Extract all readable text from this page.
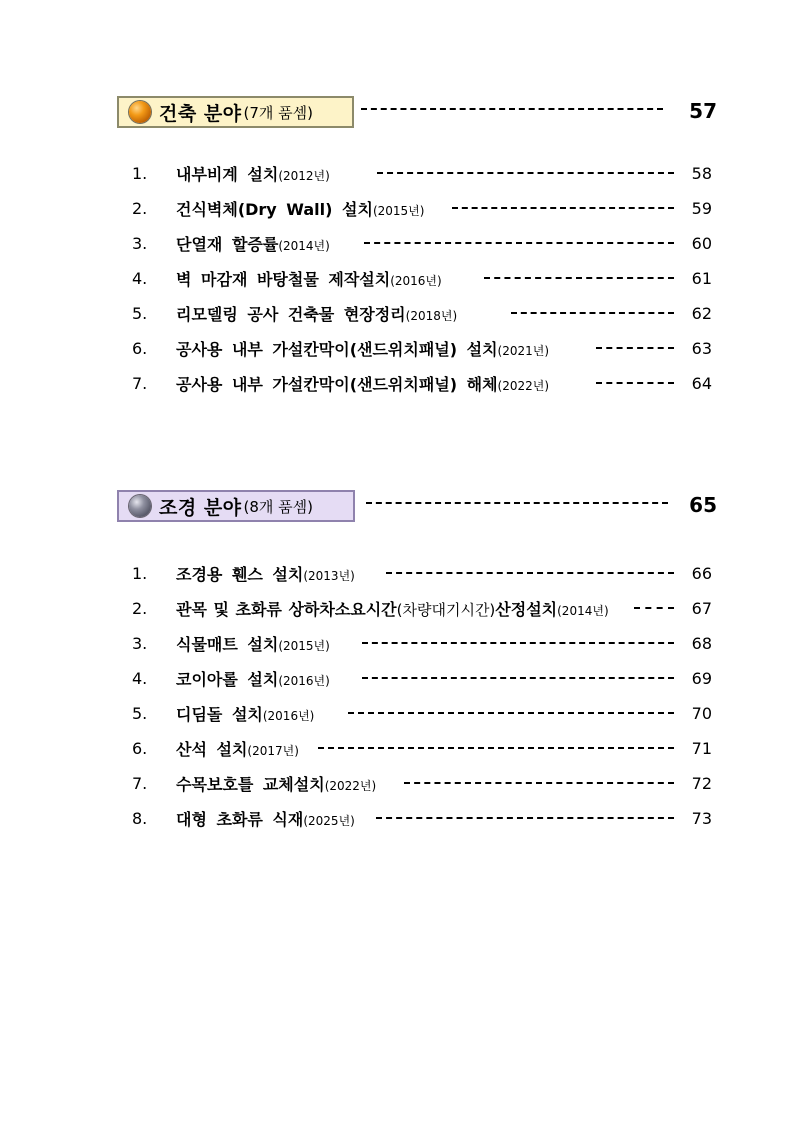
건축 분야 (7개 품셈)	57
1. 내부비계 설치(2012년)	58
2. 건식벽체(Dry Wall) 설치(2015년)	59
3. 단열재 할증률(2014년)	60
4. 벽 마감재 바탕철물 제작설치(2016년)	61
5. 리모델링 공사 건축물 현장정리(2018년)	62
6. 공사용 내부 가설칸막이(샌드위치패널) 설치(2021년)	63
7. 공사용 내부 가설칸막이(샌드위치패널) 해체(2022년)	64
조경 분야 (8개 품셈)	65
1. 조경용 휀스 설치(2013년)	66
2. 관목 및 초화류 상하차소요시간(차량대기시간)산정설치(2014년)	67
3. 식물매트 설치(2015년)	68
4. 코이아롤 설치(2016년)	69
5. 디딤돌 설치(2016년)	70
6. 산석 설치(2017년)	71
7. 수목보호틀 교체설치(2022년)	72
8. 대형 초화류 식재(2025년)	73
